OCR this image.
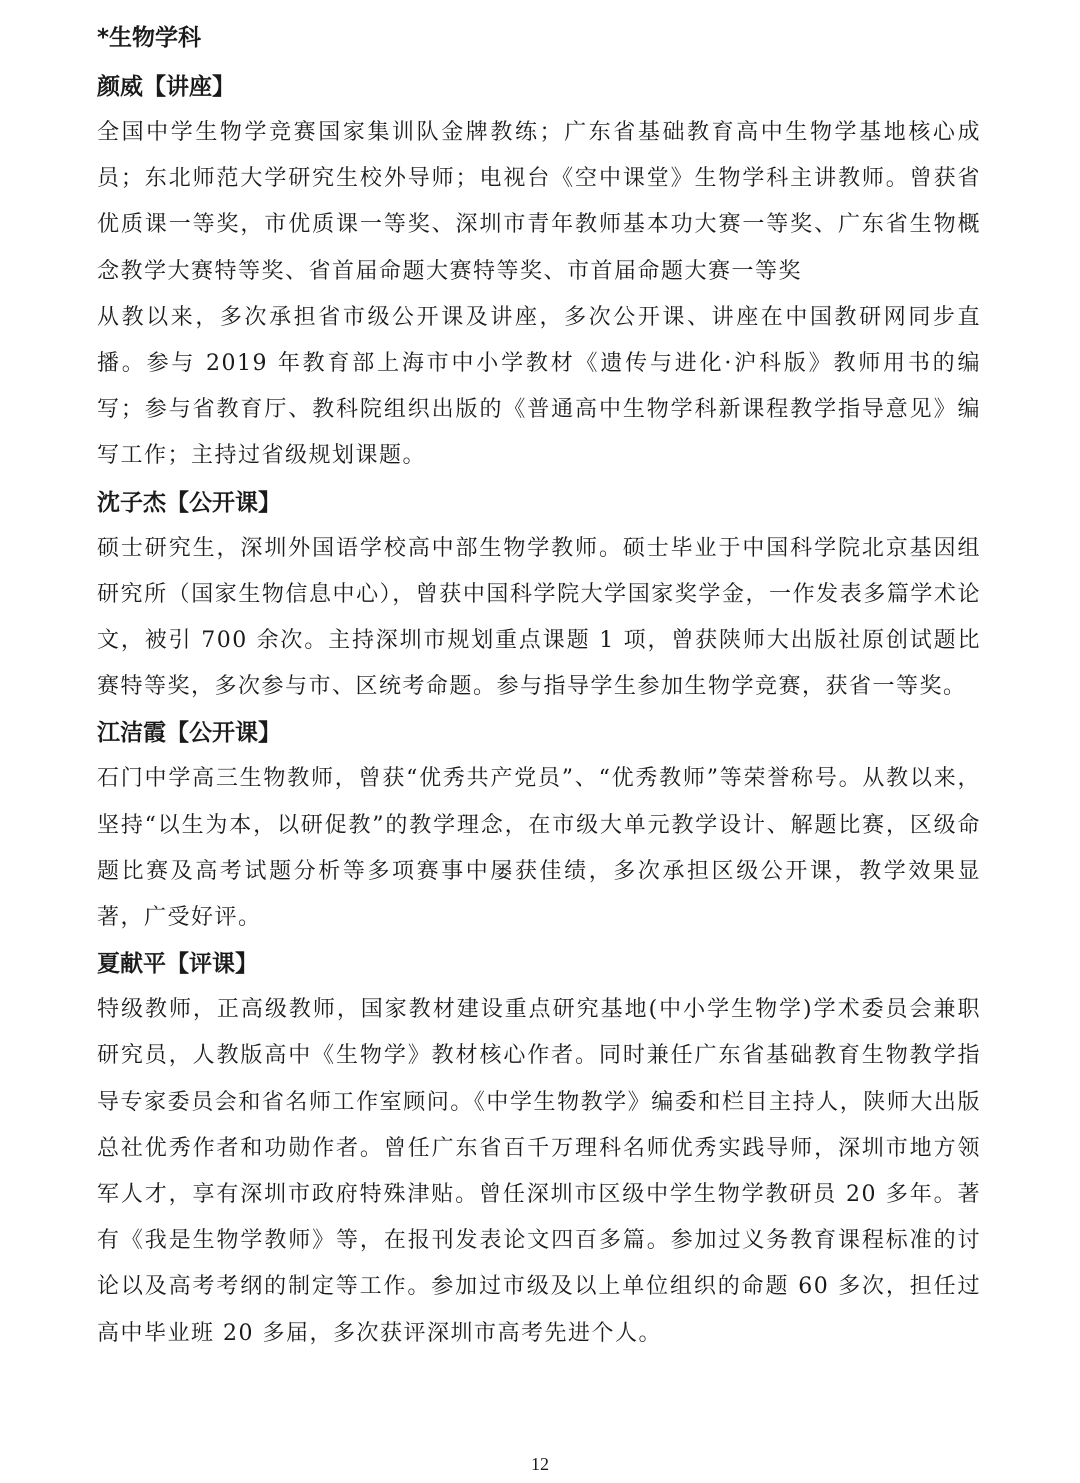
*生物学科
颜威【讲座】

全国中学生物学竞赛国家集训队金牌教练；广东省基础教育高中生物学基地核心成员；东北师范大学研究生校外导师；电视台《空中课堂》生物学科主讲教师。曾获省优质课一等奖，市优质课一等奖、深圳市青年教师基本功大赛一等奖、广东省生物概念教学大赛特等奖、省首届命题大赛特等奖、市首届命题大赛一等奖

从教以来，多次承担省市级公开课及讲座，多次公开课、讲座在中国教研网同步直播。参与 2019 年教育部上海市中小学教材《遗传与进化·沪科版》教师用书的编写；参与省教育厅、教科院组织出版的《普通高中生物学科新课程教学指导意见》编写工作；主持过省级规划课题。

沈子杰【公开课】

硕士研究生，深圳外国语学校高中部生物学教师。硕士毕业于中国科学院北京基因组研究所（国家生物信息中心），曾获中国科学院大学国家奖学金，一作发表多篇学术论文，被引 700 余次。主持深圳市规划重点课题 1 项，曾获陕师大出版社原创试题比赛特等奖，多次参与市、区统考命题。参与指导学生参加生物学竞赛，获省一等奖。

江洁霞【公开课】

石门中学高三生物教师，曾获“优秀共产党员”、“优秀教师”等荣誉称号。从教以来，坚持“以生为本，以研促教”的教学理念，在市级大单元教学设计、解题比赛，区级命题比赛及高考试题分析等多项赛事中屡获佳绩，多次承担区级公开课，教学效果显著，广受好评。

夏献平【评课】

特级教师，正高级教师，国家教材建设重点研究基地(中小学生物学)学术委员会兼职研究员，人教版高中《生物学》教材核心作者。同时兼任广东省基础教育生物教学指导专家委员会和省名师工作室顾问。《中学生物教学》编委和栏目主持人，陕师大出版总社优秀作者和功勋作者。曾任广东省百千万理科名师优秀实践导师，深圳市地方领军人才，享有深圳市政府特殊津贴。曾任深圳市区级中学生物学教研员 20 多年。著有《我是生物学教师》等，在报刊发表论文四百多篇。参加过义务教育课程标准的讨论以及高考考纲的制定等工作。参加过市级及以上单位组织的命题 60 多次，担任过高中毕业班 20 多届，多次获评深圳市高考先进个人。

12
